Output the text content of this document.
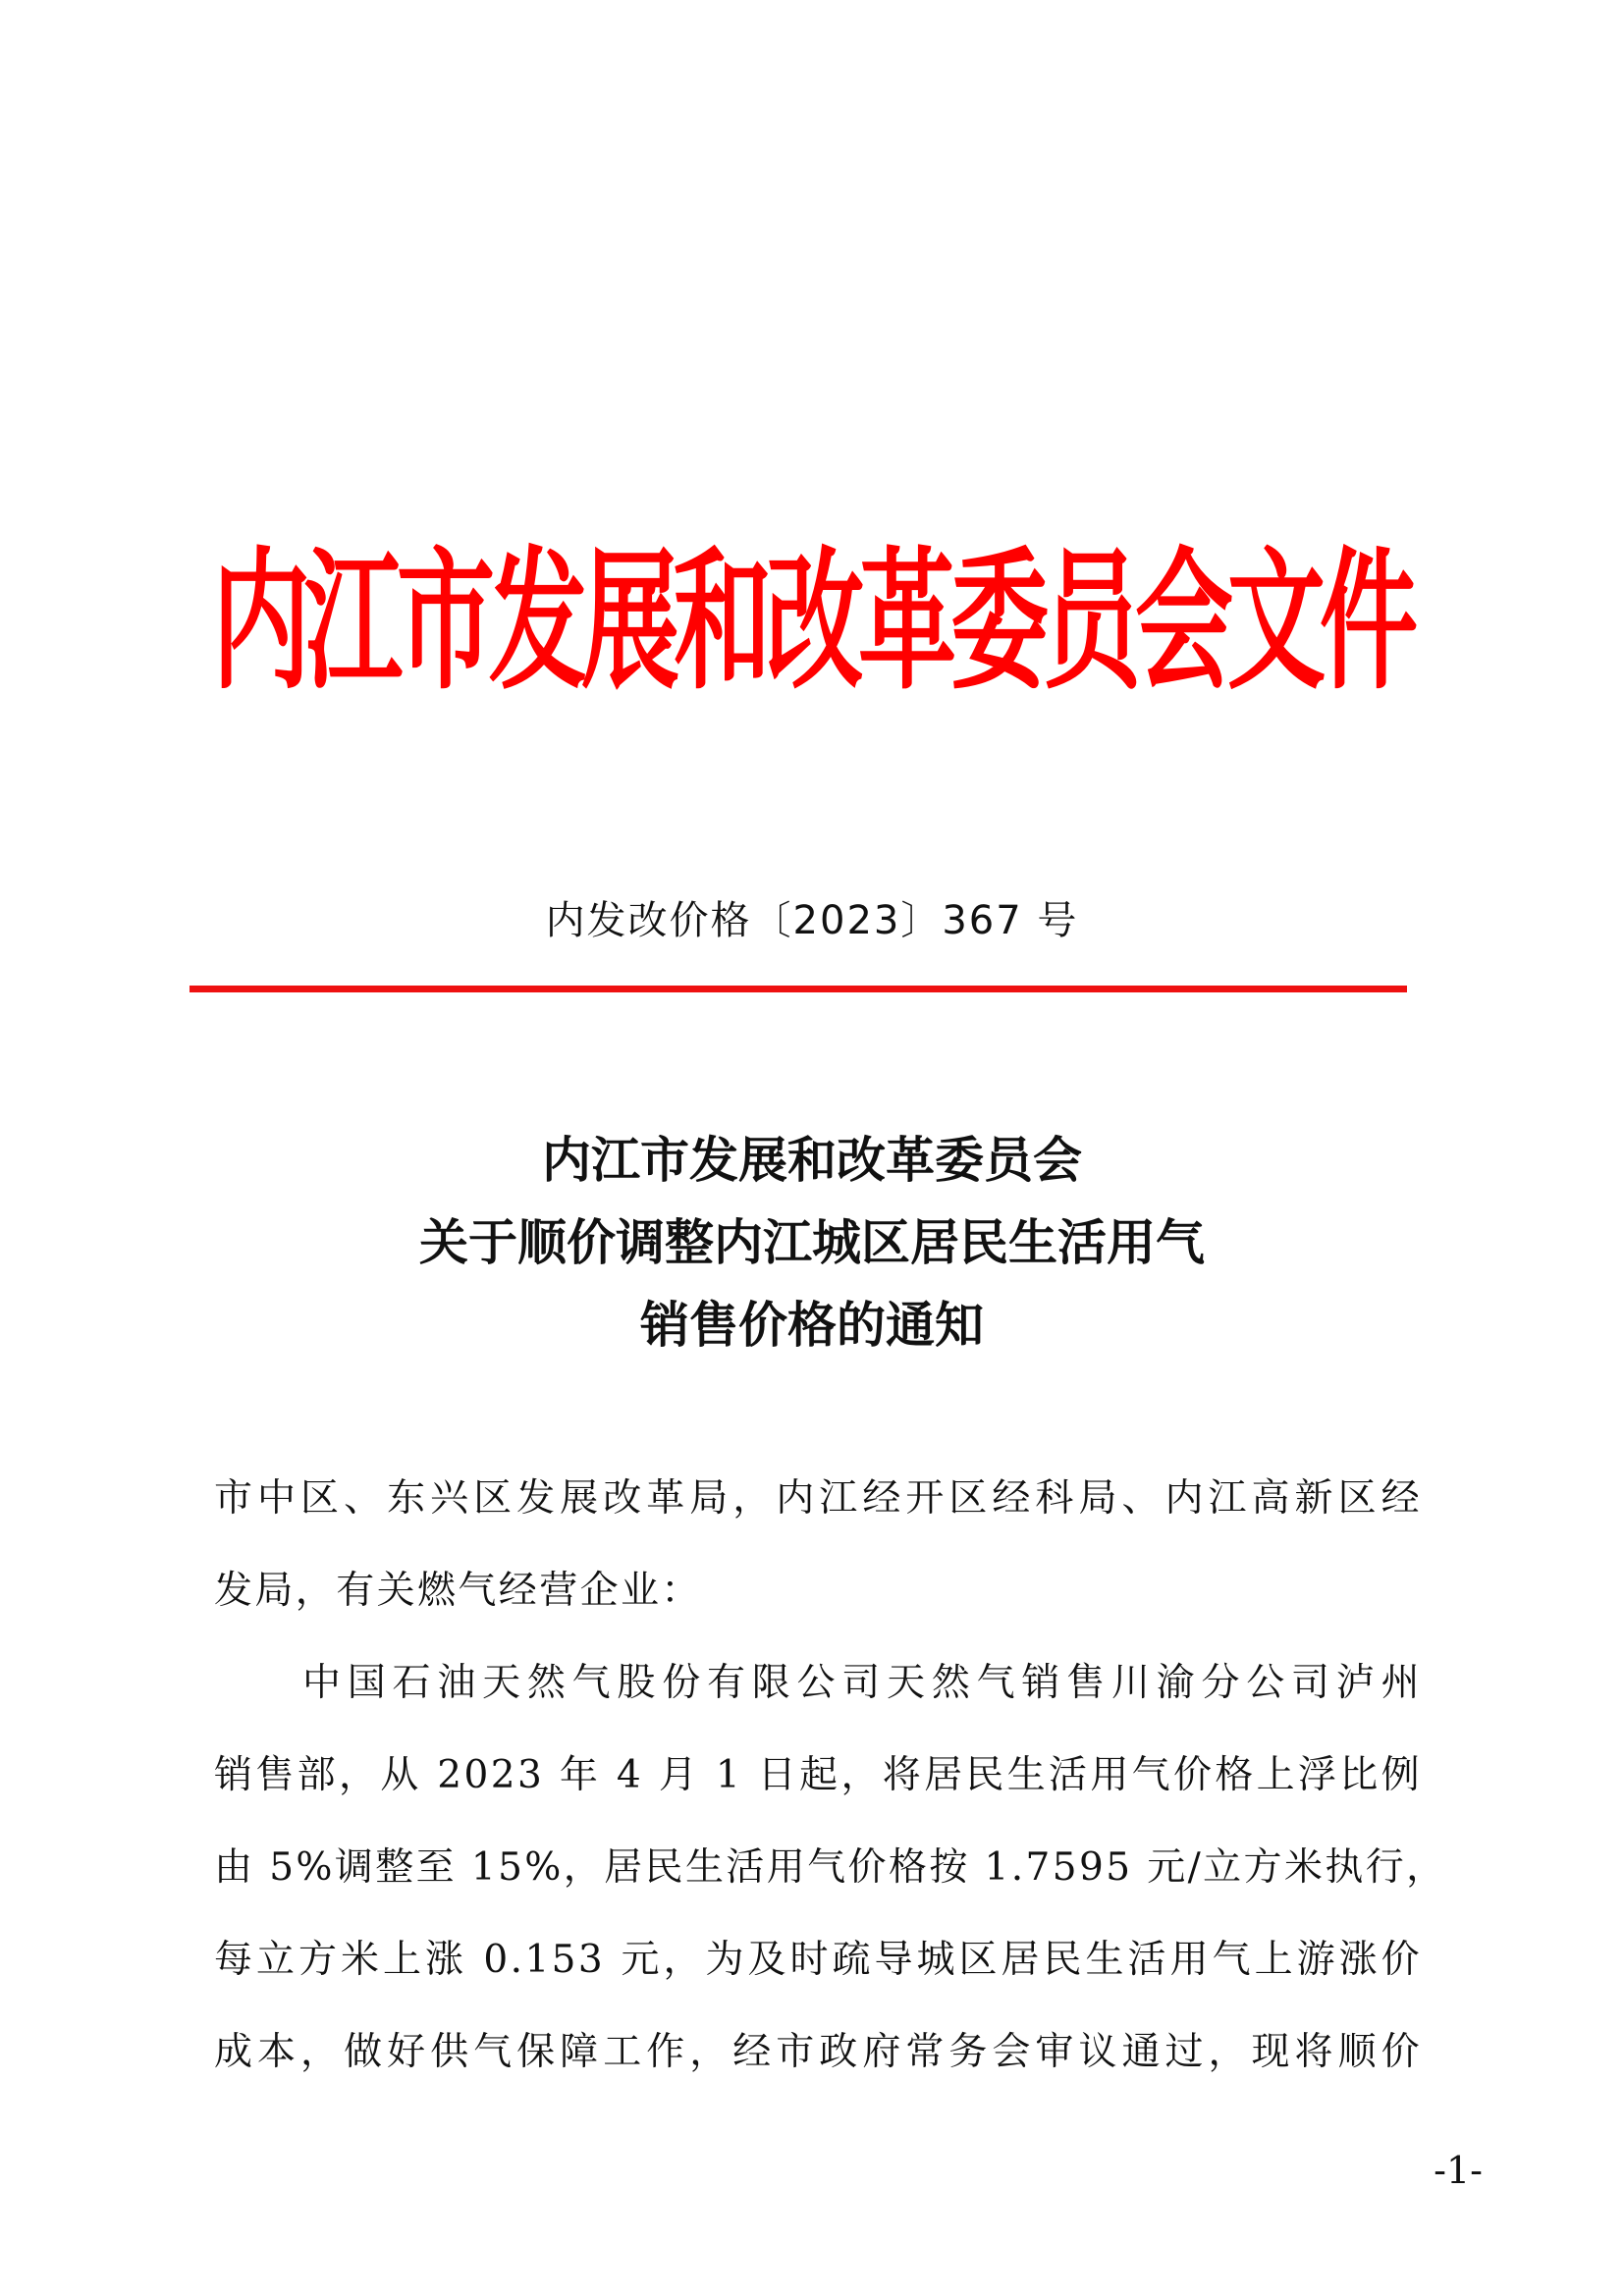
内江市发展和改革委员会文件
内发改价格〔2023〕367 号
内江市发展和改革委员会
关于顺价调整内江城区居民生活用气
销售价格的通知
市中区、东兴区发展改革局，内江经开区经科局、内江高新区经
发局，有关燃气经营企业：
中国石油天然气股份有限公司天然气销售川渝分公司泸州
销售部，从 2023 年 4 月 1 日起，将居民生活用气价格上浮比例
由 5%调整至 15%，居民生活用气价格按 1.7595 元/立方米执行，
每立方米上涨 0.153 元，为及时疏导城区居民生活用气上游涨价
成本，做好供气保障工作，经市政府常务会审议通过，现将顺价
-1-
